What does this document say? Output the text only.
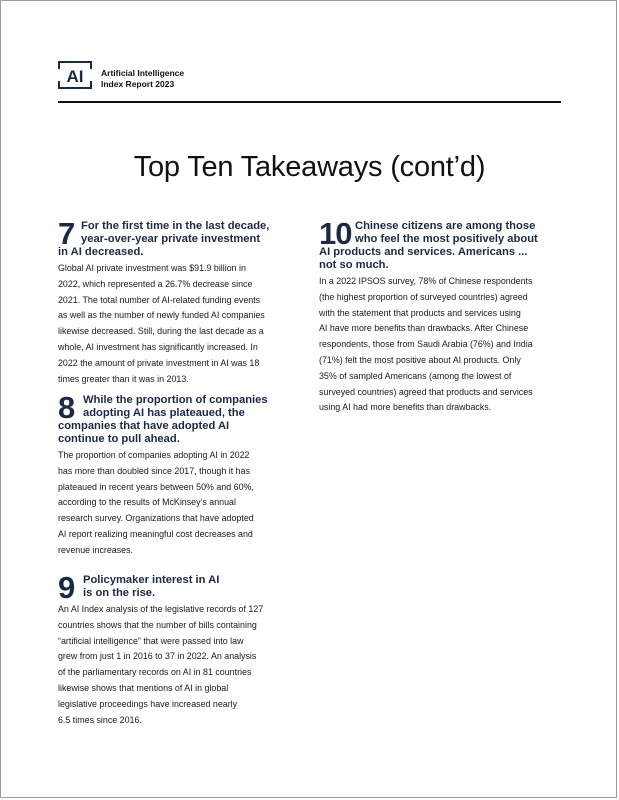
AI Artificial Intelligence
Index Report 2023
Top Ten Takeaways (cont’d)
7 For the first time in the last decade,
year-over-year private investment
in AI decreased.
Global AI private investment was $91.9 billion in
2022, which represented a 26.7% decrease since
2021. The total number of AI-related funding events
as well as the number of newly funded AI companies
likewise decreased. Still, during the last decade as a
whole, AI investment has significantly increased. In
2022 the amount of private investment in AI was 18
times greater than it was in 2013.
8 While the proportion of companies
adopting AI has plateaued, the
companies that have adopted AI
continue to pull ahead.
The proportion of companies adopting AI in 2022
has more than doubled since 2017, though it has
plateaued in recent years between 50% and 60%,
according to the results of McKinsey’s annual
research survey. Organizations that have adopted
AI report realizing meaningful cost decreases and
revenue increases.
9 Policymaker interest in AI
is on the rise.
An AI Index analysis of the legislative records of 127
countries shows that the number of bills containing
“artificial intelligence” that were passed into law
grew from just 1 in 2016 to 37 in 2022. An analysis
of the parliamentary records on AI in 81 countries
likewise shows that mentions of AI in global
legislative proceedings have increased nearly
6.5 times since 2016.
10 Chinese citizens are among those
who feel the most positively about
AI products and services. Americans ...
not so much.
In a 2022 IPSOS survey, 78% of Chinese respondents
(the highest proportion of surveyed countries) agreed
with the statement that products and services using
AI have more benefits than drawbacks. After Chinese
respondents, those from Saudi Arabia (76%) and India
(71%) felt the most positive about AI products. Only
35% of sampled Americans (among the lowest of
surveyed countries) agreed that products and services
using AI had more benefits than drawbacks.
